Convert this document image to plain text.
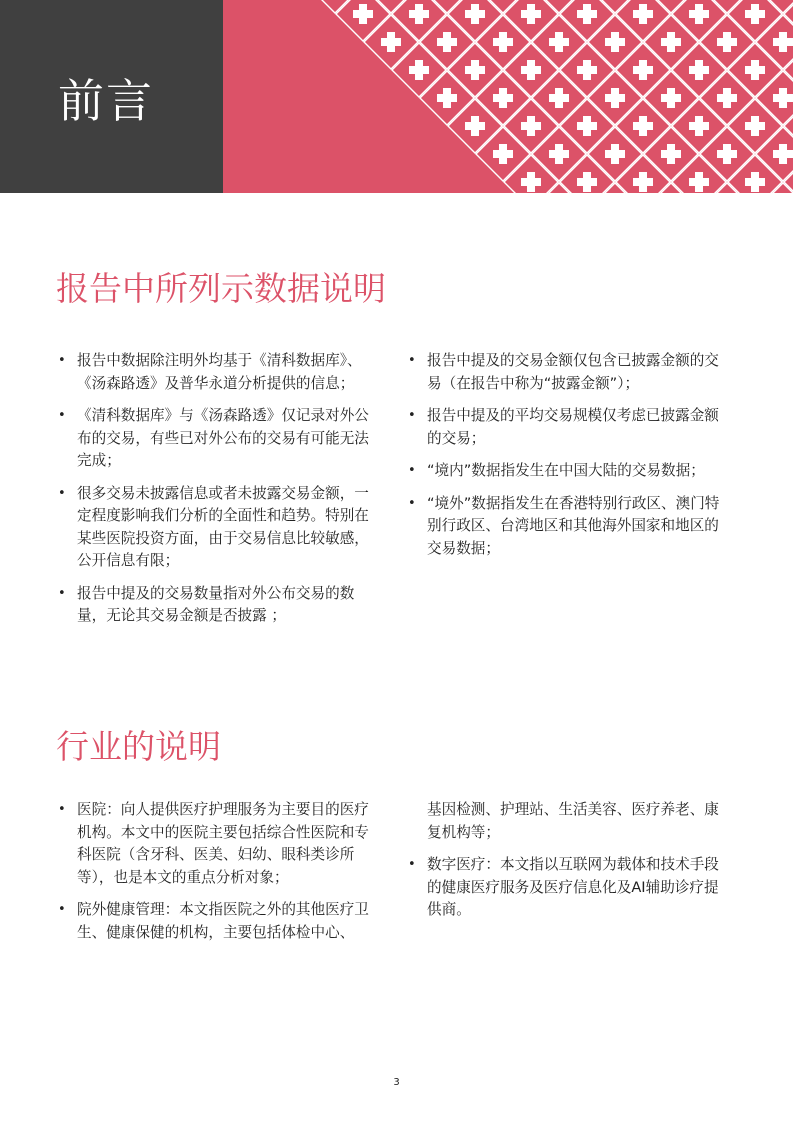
前言
报告中所列示数据说明
• 报告中数据除注明外均基于《清科数据库》、《汤森路透》及普华永道分析提供的信息；
• 《清科数据库》与《汤森路透》仅记录对外公布的交易，有些已对外公布的交易有可能无法完成；
• 很多交易未披露信息或者未披露交易金额，一定程度影响我们分析的全面性和趋势。特别在某些医院投资方面，由于交易信息比较敏感，公开信息有限；
• 报告中提及的交易数量指对外公布交易的数量，无论其交易金额是否披露 ；
• 报告中提及的交易金额仅包含已披露金额的交易（在报告中称为“披露金额”）；
• 报告中提及的平均交易规模仅考虑已披露金额的交易；
• “境内”数据指发生在中国大陆的交易数据；
• “境外”数据指发生在香港特别行政区、澳门特别行政区、台湾地区和其他海外国家和地区的交易数据；
行业的说明
• 医院：向人提供医疗护理服务为主要目的医疗机构。本文中的医院主要包括综合性医院和专科医院（含牙科、医美、妇幼、眼科类诊所等），也是本文的重点分析对象；
• 院外健康管理：本文指医院之外的其他医疗卫生、健康保健的机构，主要包括体检中心、
基因检测、护理站、生活美容、医疗养老、康复机构等；
• 数字医疗：本文指以互联网为载体和技术手段的健康医疗服务及医疗信息化及AI辅助诊疗提供商。
3
